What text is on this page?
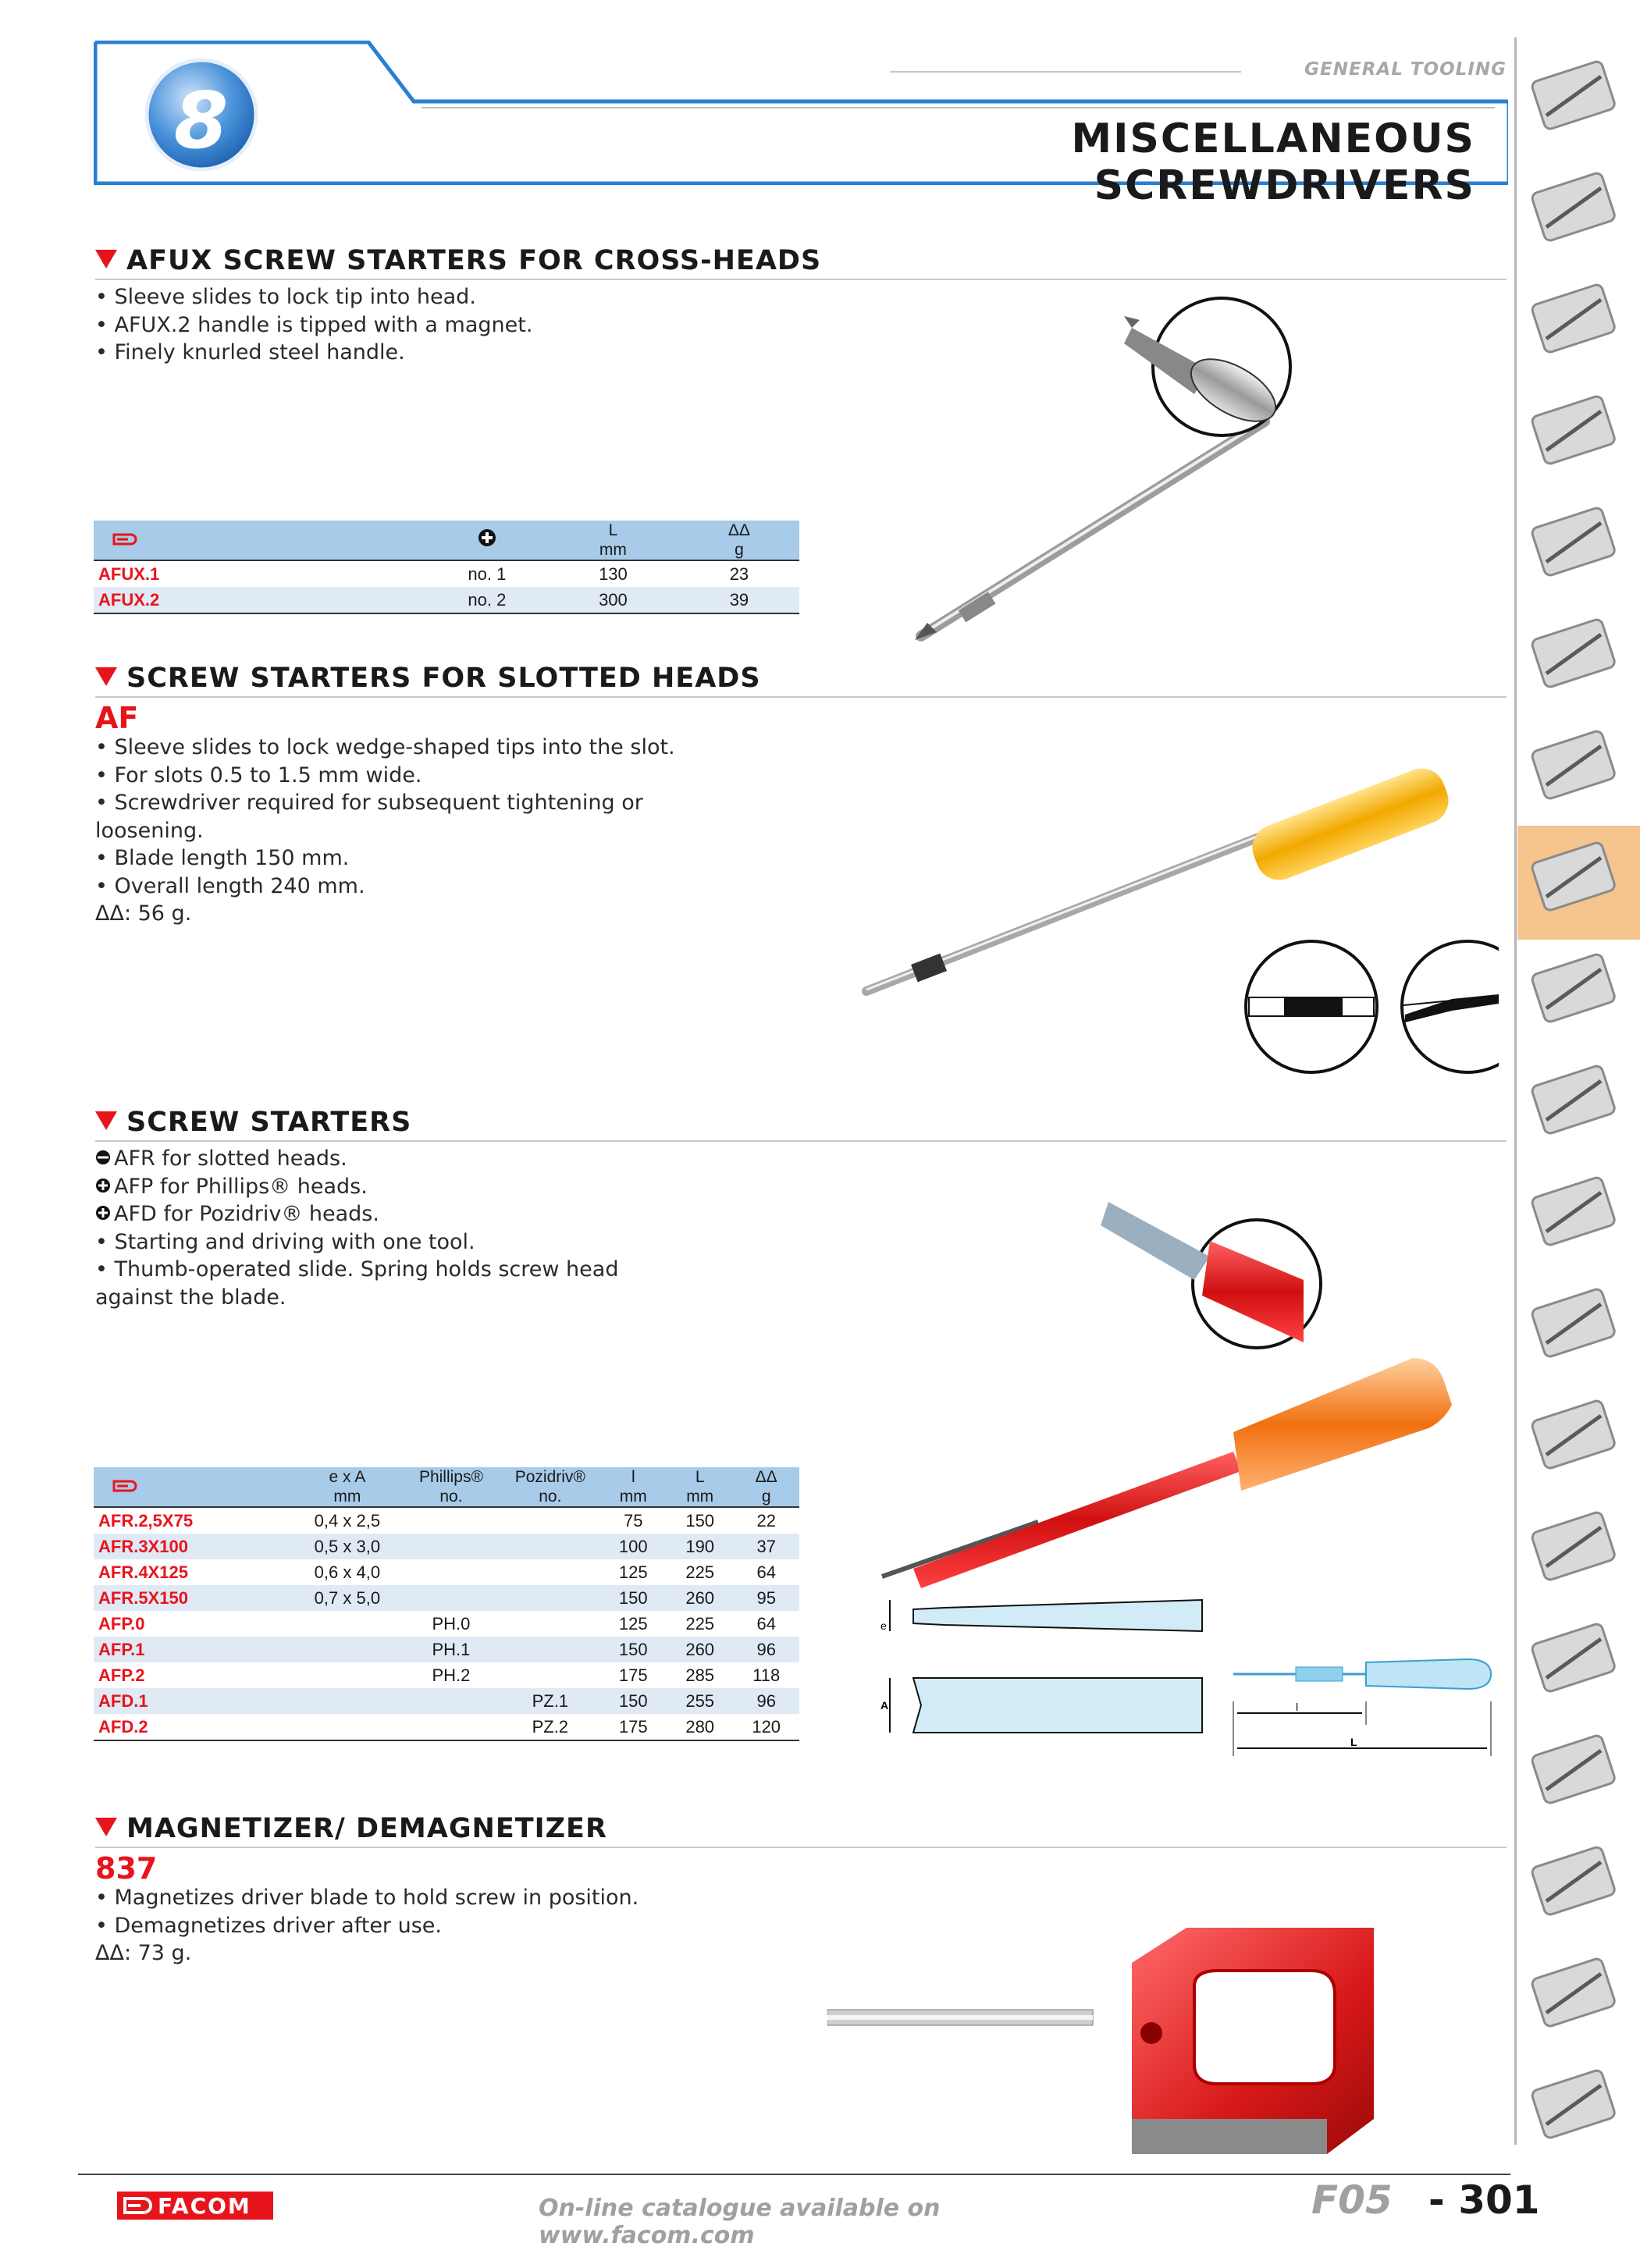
8
GENERAL TOOLING
MISCELLANEOUS SCREWDRIVERS
AFUX SCREW STARTERS FOR CROSS-HEADS
• Sleeve slides to lock tip into head.
• AFUX.2 handle is tipped with a magnet.
• Finely knurled steel handle.
		L	ΔΔ
		mm	g
AFUX.1	no. 1	130	23
AFUX.2	no. 2	300	39
SCREW STARTERS FOR SLOTTED HEADS
AF
• Sleeve slides to lock wedge-shaped tips into the slot.
• For slots 0.5 to 1.5 mm wide.
• Screwdriver required for subsequent tightening or
loosening.
• Blade length 150 mm.
• Overall length 240 mm.
ΔΔ: 56 g.
SCREW STARTERS
AFR for slotted heads.
AFP for Phillips® heads.
AFD for Pozidriv® heads.
• Starting and driving with one tool.
• Thumb-operated slide. Spring holds screw head
against the blade.
	e x A	Phillips®	Pozidriv®	l	L	ΔΔ
	mm	no.	no.	mm	mm	g
AFR.2,5X75	0,4 x 2,5			75	150	22
AFR.3X100	0,5 x 3,0			100	190	37
AFR.4X125	0,6 x 4,0			125	225	64
AFR.5X150	0,7 x 5,0			150	260	95
AFP.0		PH.0		125	225	64
AFP.1		PH.1		150	260	96
AFP.2		PH.2		175	285	118
AFD.1			PZ.1	150	255	96
AFD.2			PZ.2	175	280	120
e
A	l
L
MAGNETIZER/ DEMAGNETIZER
837
• Magnetizes driver blade to hold screw in position.
• Demagnetizes driver after use.
ΔΔ: 73 g.
FACOM	On-line catalogue available on www.facom.com
F05 - 301
